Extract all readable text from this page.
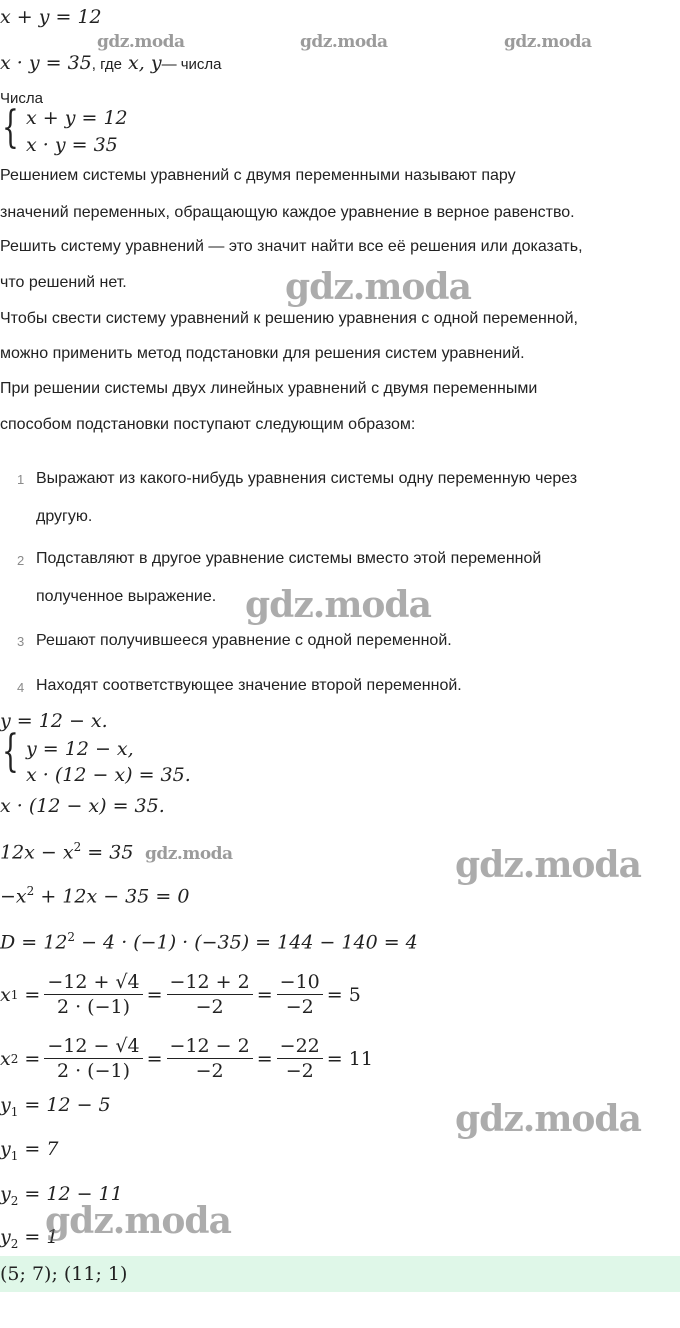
x + y = 12
gdz.moda	gdz.moda	gdz.moda
x · y = 35, где x, y— числа
Числа
{ x + y = 12
x · y = 35
Решением системы уравнений с двумя переменными называют пару
значений переменных, обращающую каждое уравнение в верное равенство.
Решить систему уравнений — это значит найти все её решения или доказать,
что решений нет.	gdz.moda
Чтобы свести систему уравнений к решению уравнения с одной переменной,
можно применить метод подстановки для решения систем уравнений.
При решении системы двух линейных уравнений с двумя переменными
способом подстановки поступают следующим образом:
1 Выражают из какого-нибудь уравнения системы одну переменную через
другую.
2 Подставляют в другое уравнение системы вместо этой переменной
полученное выражение. gdz.moda
3 Решают получившееся уравнение с одной переменной.
4 Находят соответствующее значение второй переменной.
y = 12 − x.
{ y = 12 − x,
x · (12 − x) = 35.
x · (12 − x) = 35.
$12x - x^2 = 35$ gdz.moda	gdz.moda
$-x^2 + 12x - 35 = 0$
$D = 12^2 - 4 \cdot (-1) \cdot (-35) = 144 - 140 = 4$
x $1 = \frac{-12 + √4}{2 \cdot (-1)} = \frac{-12 + 2}{-2} = \frac{-10}{-2} = 5$
x $2 = \frac{-12 - √4}{2 \cdot (-1)} = \frac{-12 - 2}{-2} = \frac{-22}{-2} = 11$
$y_1 = 12 - 5$	gdz.moda
$y_1 = 7$
$y_2 = 12 - 11$
$y_2 = 1$
gdz.moda
(5; 7); (11; 1)
